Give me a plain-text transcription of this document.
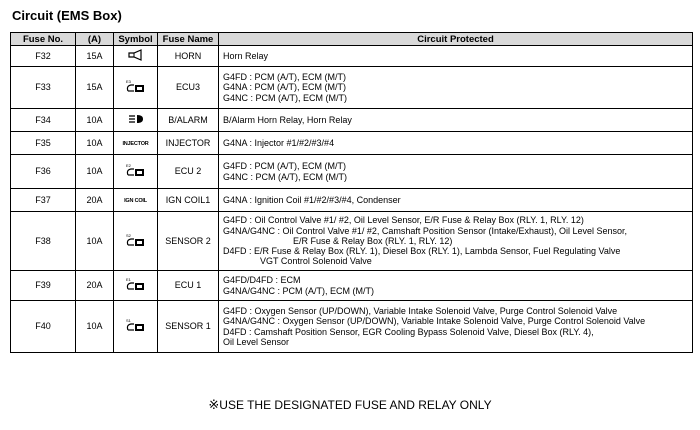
Circuit (EMS Box)
Fuse No.	(A)	Symbol	Fuse Name	Circuit Protected
F32	15A		HORN	Horn Relay

F33	15A	E3	ECU3	G4FD : PCM (A/T), ECM (M/T)
G4NA : PCM (A/T), ECM (M/T)
G4NC : PCM (A/T), ECM (M/T)

F34	10A		B/ALARM	B/Alarm Horn Relay, Horn Relay

F35	10A	INJECTOR	INJECTOR	G4NA : Injector #1/#2/#3/#4

F36	10A	E2	ECU 2	G4FD : PCM (A/T), ECM (M/T)
G4NC : PCM (A/T), ECM (M/T)

F37	20A	IGN COIL	IGN COIL1	G4NA : Ignition Coil #1/#2/#3/#4, Condenser

F38	10A	S2	SENSOR 2	G4FD : Oil Control Valve #1/ #2, Oil Level Sensor, E/R Fuse & Relay Box (RLY. 1, RLY. 12)
G4NA/G4NC : Oil Control Valve #1/ #2, Camshaft Position Sensor (Intake/Exhaust), Oil Level Sensor,
E/R Fuse & Relay Box (RLY. 1, RLY. 12)
D4FD : E/R Fuse & Relay Box (RLY. 1), Diesel Box (RLY. 1), Lambda Sensor, Fuel Regulating Valve
VGT Control Solenoid Valve

F39	20A	E1	ECU 1	G4FD/D4FD : ECM
G4NA/G4NC : PCM (A/T), ECM (M/T)

F40	10A	S1	SENSOR 1	G4FD : Oxygen Sensor (UP/DOWN), Variable Intake Solenoid Valve, Purge Control Solenoid Valve
G4NA/G4NC : Oxygen Sensor (UP/DOWN), Variable Intake Solenoid Valve, Purge Control Solenoid Valve
D4FD : Camshaft Position Sensor, EGR Cooling Bypass Solenoid Valve, Diesel Box (RLY. 4),
Oil Level Sensor
※USE THE DESIGNATED FUSE AND RELAY ONLY
